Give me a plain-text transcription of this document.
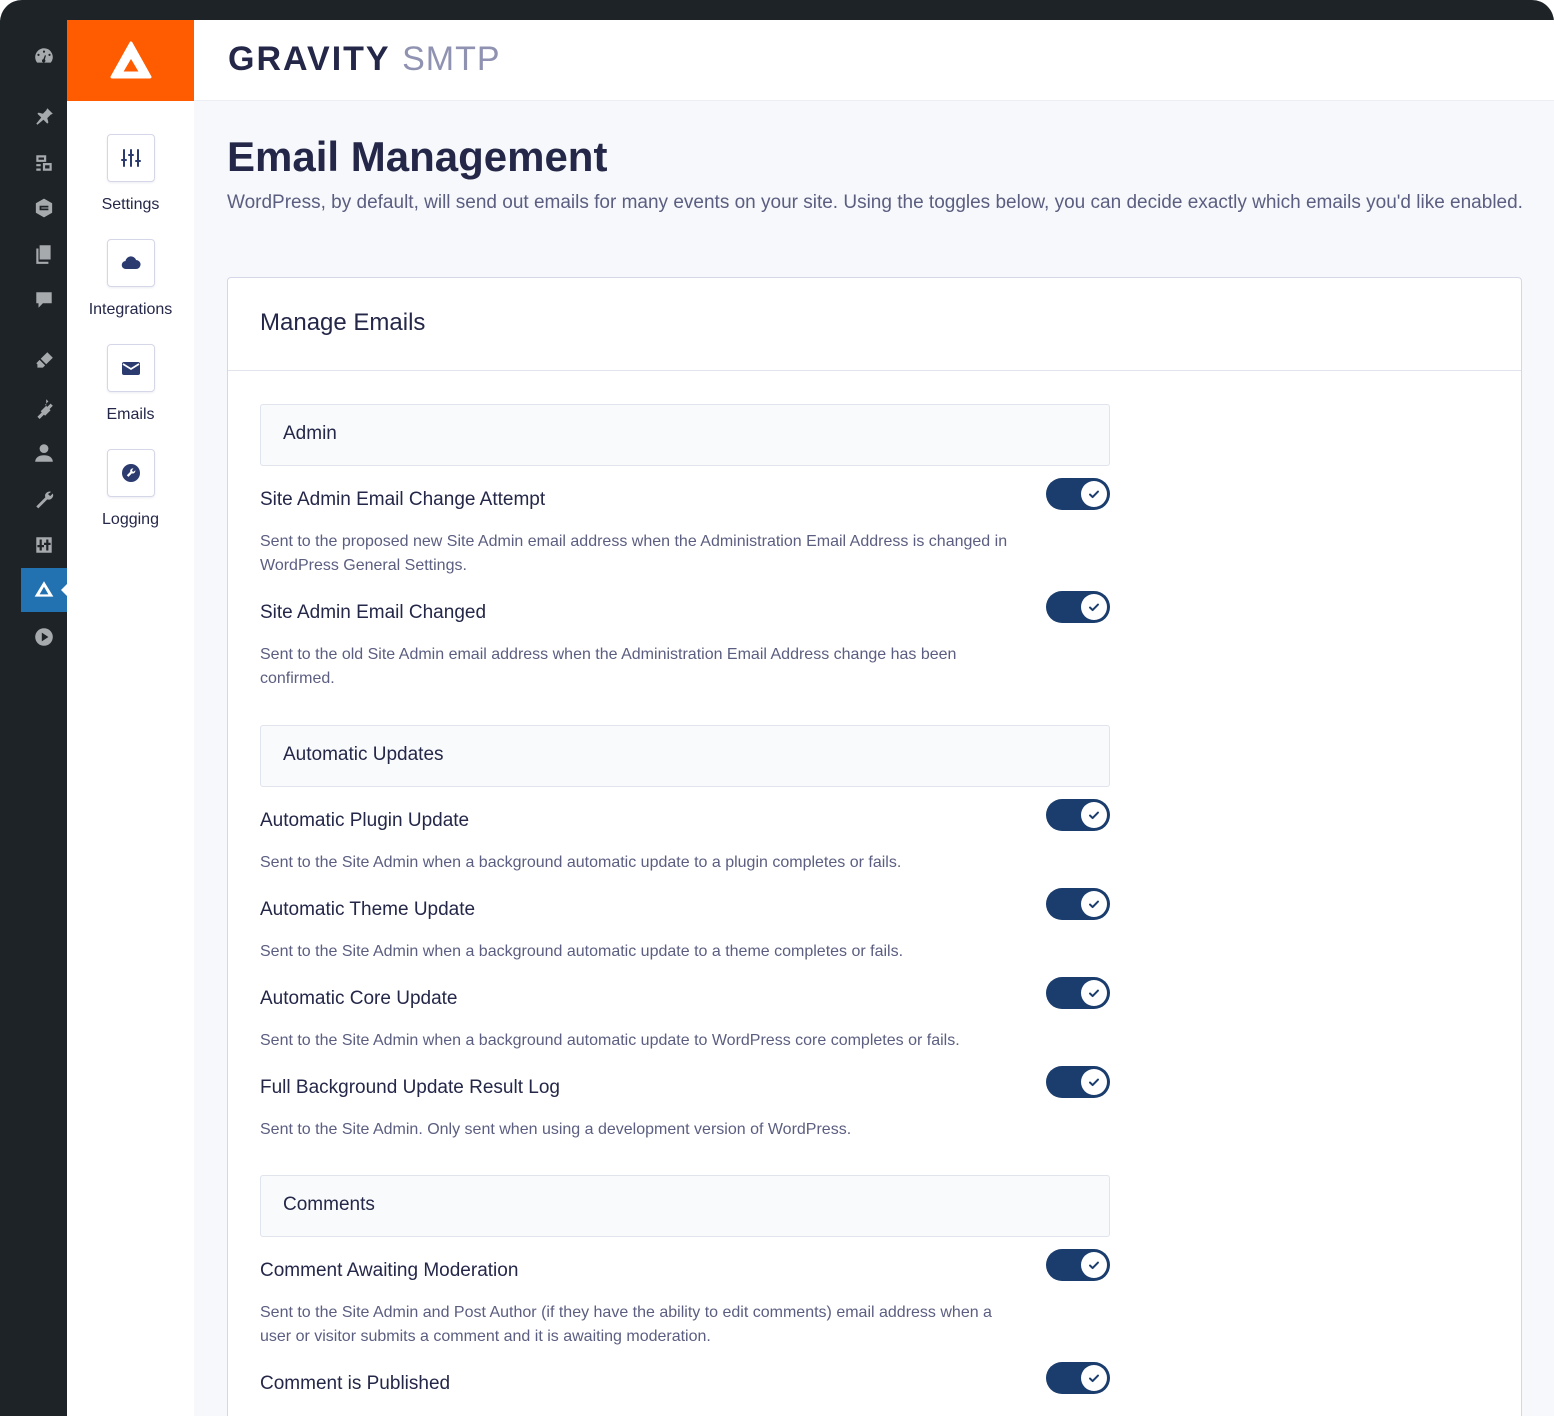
Settings
Integrations
Emails
Logging
GRAVITY SMTP
Email Management

WordPress, by default, will send out emails for many events on your site. Using the toggles below, you can decide exactly which emails you'd like enabled.

Manage Emails
Admin
Site Admin Email Change Attempt
Sent to the proposed new Site Admin email address when the Administration Email Address is changed in WordPress General Settings.
Site Admin Email Changed
Sent to the old Site Admin email address when the Administration Email Address change has been confirmed.
Automatic Updates
Automatic Plugin Update
Sent to the Site Admin when a background automatic update to a plugin completes or fails.
Automatic Theme Update
Sent to the Site Admin when a background automatic update to a theme completes or fails.
Automatic Core Update
Sent to the Site Admin when a background automatic update to WordPress core completes or fails.
Full Background Update Result Log
Sent to the Site Admin. Only sent when using a development version of WordPress.
Comments
Comment Awaiting Moderation
Sent to the Site Admin and Post Author (if they have the ability to edit comments) email address when a user or visitor submits a comment and it is awaiting moderation.
Comment is Published
